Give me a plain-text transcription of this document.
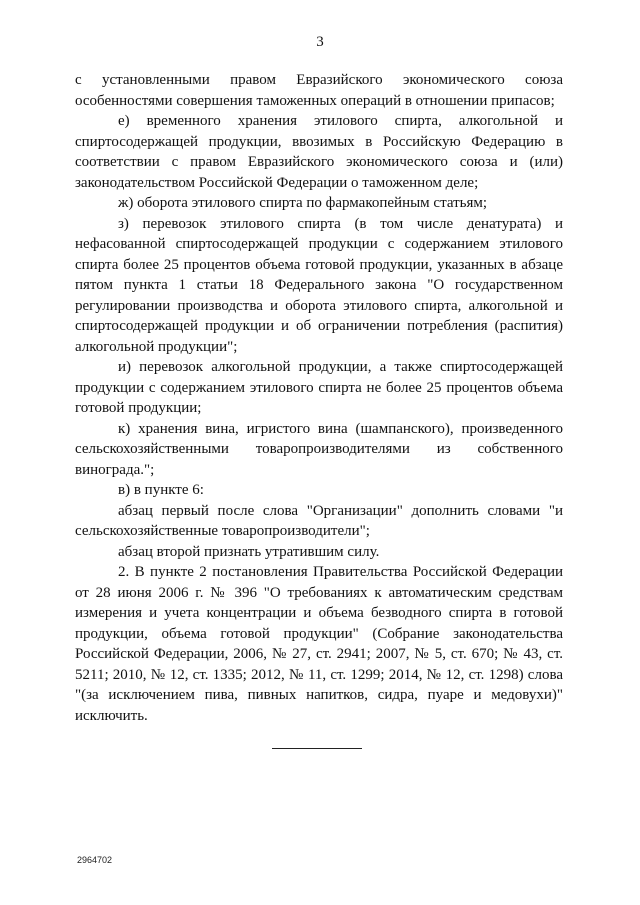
3

с установленными правом Евразийского экономического союза особенностями совершения таможенных операций в отношении припасов;

е) временного хранения этилового спирта, алкогольной и спиртосодержащей продукции, ввозимых в Российскую Федерацию в соответствии с правом Евразийского экономического союза и (или) законодательством Российской Федерации о таможенном деле;

ж) оборота этилового спирта по фармакопейным статьям;

з) перевозок этилового спирта (в том числе денатурата) и нефасованной спиртосодержащей продукции с содержанием этилового спирта более 25 процентов объема готовой продукции, указанных в абзаце пятом пункта 1 статьи 18 Федерального закона "О государственном регулировании производства и оборота этилового спирта, алкогольной и спиртосодержащей продукции и об ограничении потребления (распития) алкогольной продукции";

и) перевозок алкогольной продукции, а также спиртосодержащей продукции с содержанием этилового спирта не более 25 процентов объема готовой продукции;

к) хранения вина, игристого вина (шампанского), произведенного сельскохозяйственными товаропроизводителями из собственного винограда.";

в) в пункте 6:

абзац первый после слова "Организации" дополнить словами "и сельскохозяйственные товаропроизводители";

абзац второй признать утратившим силу.

2. В пункте 2 постановления Правительства Российской Федерации от 28 июня 2006 г. № 396 "О требованиях к автоматическим средствам измерения и учета концентрации и объема безводного спирта в готовой продукции, объема готовой продукции" (Собрание законодательства Российской Федерации, 2006, № 27, ст. 2941; 2007, № 5, ст. 670; № 43, ст. 5211; 2010, № 12, ст. 1335; 2012, № 11, ст. 1299; 2014, № 12, ст. 1298) слова "(за исключением пива, пивных напитков, сидра, пуаре и медовухи)" исключить.

2964702
